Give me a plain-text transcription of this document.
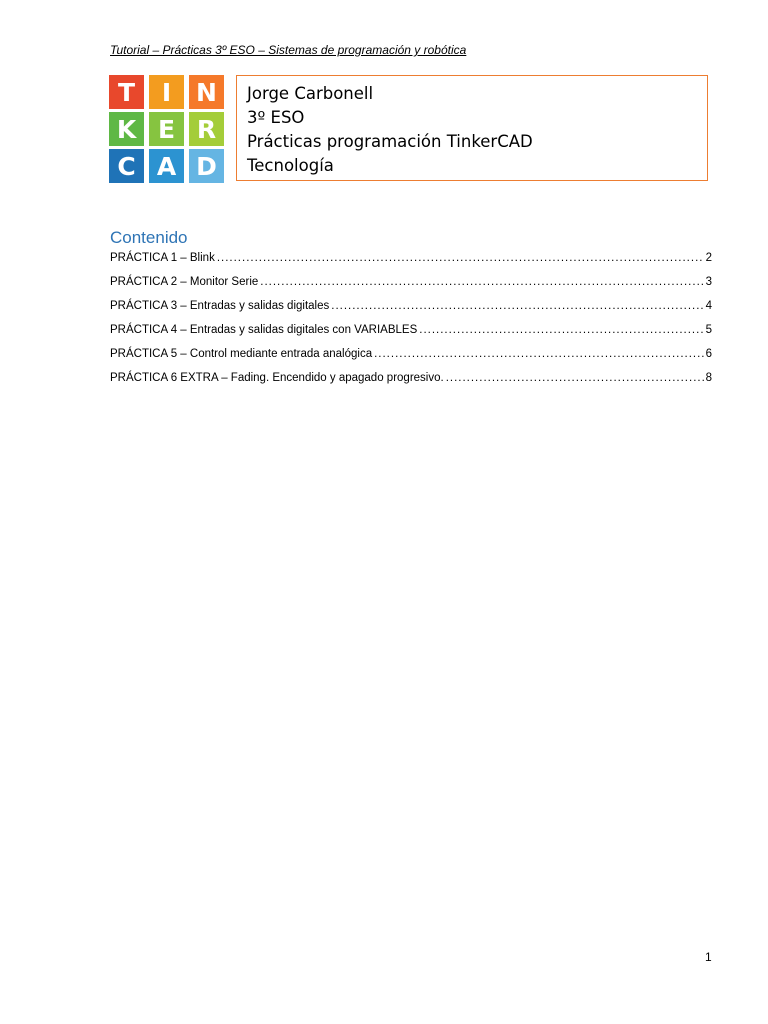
Tutorial – Prácticas 3º ESO – Sistemas de programación y robótica
T	I N
K E R
C A D
Jorge Carbonell
3º ESO
Prácticas programación TinkerCAD
Tecnología
Contenido
PRÁCTICA 1 – Blink .....	2
PRÁCTICA 2 – Monitor Serie .....	3
PRÁCTICA 3 – Entradas y salidas digitales .....	4
PRÁCTICA 4 – Entradas y salidas digitales con VARIABLES .....	5
PRÁCTICA 5 – Control mediante entrada analógica .....	6
PRÁCTICA 6 EXTRA – Fading. Encendido y apagado progresivo. .....	8
1
